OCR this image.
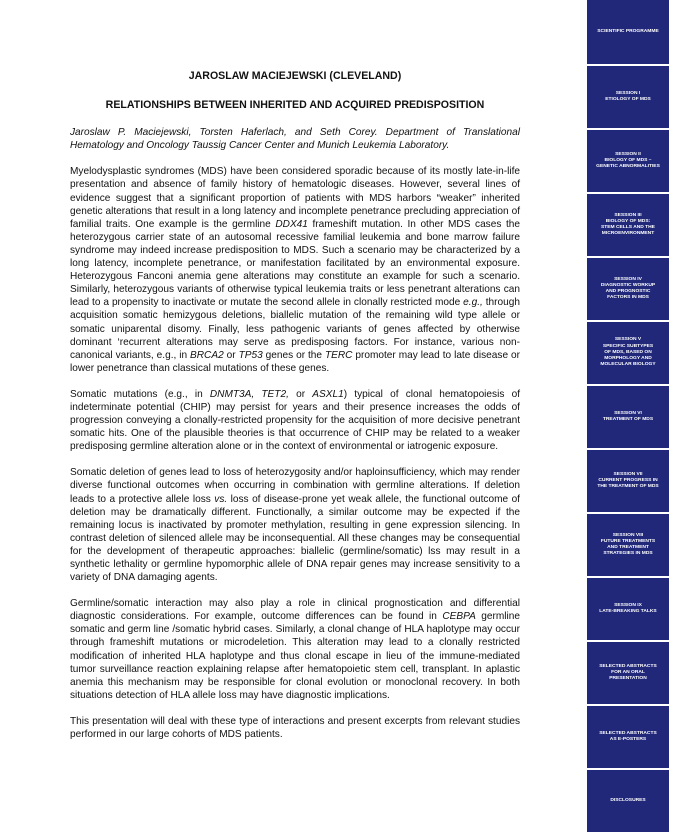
JAROSLAW MACIEJEWSKI (CLEVELAND)
RELATIONSHIPS BETWEEN INHERITED AND ACQUIRED PREDISPOSITION
Jaroslaw P. Maciejewski, Torsten Haferlach, and Seth Corey. Department of Translational Hematology and Oncology Taussig Cancer Center and Munich Leukemia Laboratory.
Myelodysplastic syndromes (MDS) have been considered sporadic because of its mostly late-in-life presentation and absence of family history of hematologic diseases. However, several lines of evidence suggest that a significant proportion of patients with MDS harbors “weaker” inherited genetic alterations that result in a long latency and incomplete penetrance precluding appreciation of familial traits. One example is the germline DDX41 frameshift mutation. In other MDS cases the heterozygous carrier state of an autosomal recessive familial leukemia and bone marrow failure syndrome may indeed increase predisposition to MDS. Such a scenario may be characterized by a long latency, incomplete penetrance, or manifestation facilitated by an environmental exposure. Heterozygous Fanconi anemia gene alterations may constitute an example for such a scenario. Similarly, heterozygous variants of otherwise typical leukemia traits or less penetrant alterations can lead to a propensity to inactivate or mutate the second allele in clonally restricted mode e.g., through acquisition somatic hemizygous deletions, biallelic mutation of the remaining wild type allele or somatic uniparental disomy. Finally, less pathogenic variants of genes affected by otherwise dominant ‘recurrent alterations may serve as predisposing factors. For instance, various non-canonical variants, e.g., in BRCA2 or TP53 genes or the TERC promoter may lead to late disease or lower penetrance than classical mutations of these genes.
Somatic mutations (e.g., in DNMT3A, TET2, or ASXL1) typical of clonal hematopoiesis of indeterminate potential (CHIP) may persist for years and their presence increases the odds of progression conveying a clonally-restricted propensity for the acquisition of more decisive penetrant somatic hits. One of the plausible theories is that occurrence of CHIP may be related to a weaker predisposing germline alteration alone or in the context of environmental or iatrogenic exposure.
Somatic deletion of genes lead to loss of heterozygosity and/or haploinsufficiency, which may render diverse functional outcomes when occurring in combination with germline alterations. If deletion leads to a protective allele loss vs. loss of disease-prone yet weak allele, the functional outcome of deletion may be dramatically different. Functionally, a similar outcome may be expected if the remaining locus is inactivated by promoter methylation, resulting in gene expression silencing. In contrast deletion of silenced allele may be inconsequential. All these changes may be consequential for the development of therapeutic approaches: biallelic (germline/somatic) lss may result in a synthetic lethality or germline hypomorphic allele of DNA repair genes may increase sensitivity to a variety of DNA damaging agents.
Germline/somatic interaction may also play a role in clinical prognostication and differential diagnostic considerations. For example, outcome differences can be found in CEBPA germline somatic and germ line /somatic hybrid cases. Similarly, a clonal change of HLA haplotype may occur through frameshift mutations or microdeletion. This alteration may lead to a clonally restricted modification of inherited HLA haplotype and thus clonal escape in lieu of the immune-mediated tumor surveillance reaction explaining relapse after hematopoietic stem cell, transplant. In aplastic anemia this mechanism may be responsible for clonal evolution or monoclonal recovery. In both situations detection of HLA allele loss may have diagnostic implications.
This presentation will deal with these type of interactions and present excerpts from relevant studies performed in our large cohorts of MDS patients.
SCIENTIFIC PROGRAMME
SESSION I
ETIOLOGY OF MDS
SESSION II
BIOLOGY OF MDS –
GENETIC ABNORMALITIES
SESSION III
BIOLOGY OF MDS:
STEM CELLS AND THE
MICROENVIRONMENT
SESSION IV
DIAGNOSTIC WORKUP
AND PROGNOSTIC
FACTORS IN MDS
SESSION V
SPECIFIC SUBTYPES
OF MDS, BASED ON
MORPHOLOGY AND
MOLECULAR BIOLOGY
SESSION VI
TREATMENT OF MDS
SESSION VII
CURRENT PROGRESS IN
THE TREATMENT OF MDS
SESSION VIII
FUTURE TREATMENTS
AND TREATMENT
STRATEGIES IN MDS
SESSION IX
LATE-BREAKING TALKS
SELECTED ABSTRACTS
FOR AN ORAL
PRESENTATION
SELECTED ABSTRACTS
AS E-POSTERS
DISCLOSURES
